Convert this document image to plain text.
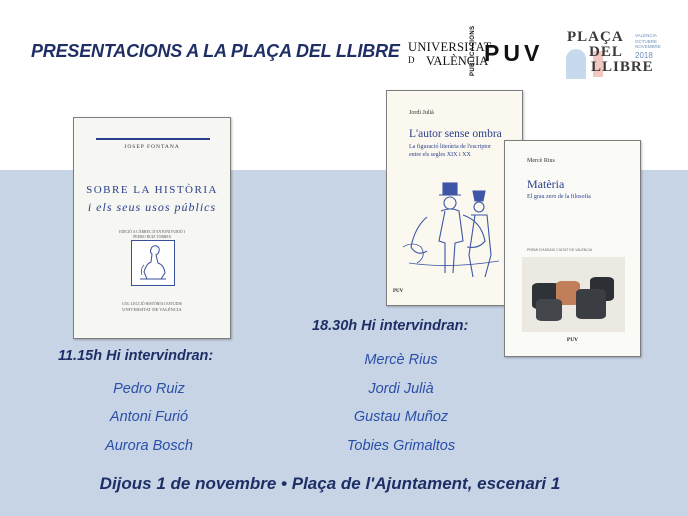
PRESENTACIONS A LA PLAÇA DEL LLIBRE UNIVERSITAT
D VALÈNCIA
PUBLICACIONS PUV
PLAÇA
DEL
LLIBRE
VALÈNCIA OCTUBRE NOVEMBRE
2018
JOSEP FONTANA
SOBRE LA HISTÒRIA
i els seus usos públics
EDICIÓ A CÀRREC D'ANTONI FURIÓ I PEDRO RUIZ TORRES
COL·LECCIÓ HISTÒRIA I ESTUDIS
UNIVERSITAT DE VALÈNCIA
Jordi Julià
L'autor sense ombra
La figuració literària de l'escriptor
entre els segles XIX i XX
PUV
Mercè Rius
Matèria
El grau zero de la filosofia
PREMI D'ASSAIG CIUTAT DE VALÈNCIA
PUV
11.15h Hi intervindran:
Pedro Ruiz
Antoni Furió
Aurora Bosch
18.30h Hi intervindran:
Mercè Rius
Jordi Julià
Gustau Muñoz
Tobies Grimaltos
Dijous 1 de novembre • Plaça de l'Ajuntament, escenari 1
